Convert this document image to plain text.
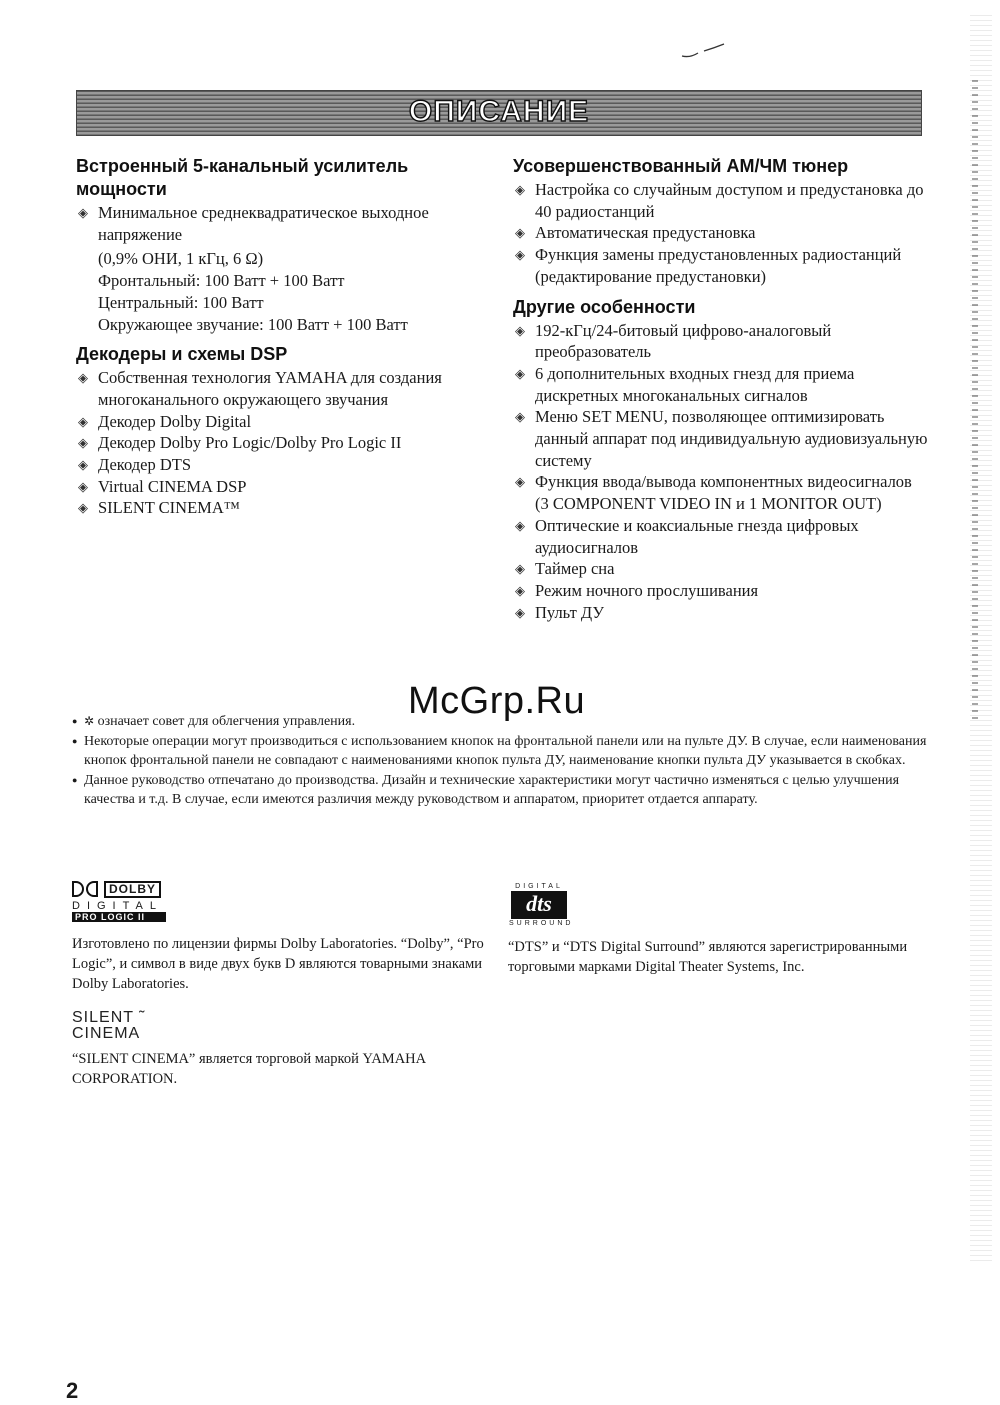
ОПИСАНИЕ
Встроенный 5-канальный усилитель мощности
◈ Минимальное среднеквадратическое выходное напряжение
(0,9% ОНИ, 1 кГц, 6 Ω)
Фронтальный: 100 Ватт + 100 Ватт
Центральный: 100 Ватт
Окружающее звучание: 100 Ватт + 100 Ватт
Декодеры и схемы DSP
◈ Собственная технология YAMAHA для создания многоканального окружающего звучания
◈ Декодер Dolby Digital
◈ Декодер Dolby Pro Logic/Dolby Pro Logic II
◈ Декодер DTS
◈ Virtual CINEMA DSP
◈ SILENT CINEMA™
Усовершенствованный АМ/ЧМ тюнер
◈ Настройка со случайным доступом и предустановка до 40 радиостанций
◈ Автоматическая предустановка
◈ Функция замены предустановленных радиостанций (редактирование предустановки)
Другие особенности
◈ 192-кГц/24-битовый цифрово-аналоговый преобразователь
◈ 6 дополнительных входных гнезд для приема дискретных многоканальных сигналов
◈ Меню SET MENU, позволяющее оптимизировать данный аппарат под индивидуальную аудиовизуальную систему
◈ Функция ввода/вывода компонентных видеосигналов
(3 COMPONENT VIDEO IN и 1 MONITOR OUT)
◈ Оптические и коаксиальные гнезда цифровых аудиосигналов
◈ Таймер сна
◈ Режим ночного прослушивания
◈ Пульт ДУ
McGrp.Ru
● ✲ означает совет для облегчения управления.
● Некоторые операции могут производиться с использованием кнопок на фронтальной панели или на пульте ДУ. В случае, если наименования кнопок фронтальной панели не совпадают с наименованиями кнопок пульта ДУ, наименование кнопки пульта ДУ указывается в скобках.
● Данное руководство отпечатано до производства. Дизайн и технические характеристики могут частично изменяться с целью улучшения качества и т.д. В случае, если имеются различия между руководством и аппаратом, приоритет отдается аппарату.
DOLBY
DIGITAL
PRO LOGIC II
Изготовлено по лицензии фирмы Dolby Laboratories. “Dolby”, “Pro Logic”, и символ в виде двух букв D являются товарными знаками Dolby Laboratories.
DIGITAL
dts
SURROUND
“DTS” и “DTS Digital Surround” являются зарегистрированными торговыми марками Digital Theater Systems, Inc.
SILENT ˜
CINEMA
“SILENT CINEMA” является торговой маркой YAMAHA CORPORATION.
2
